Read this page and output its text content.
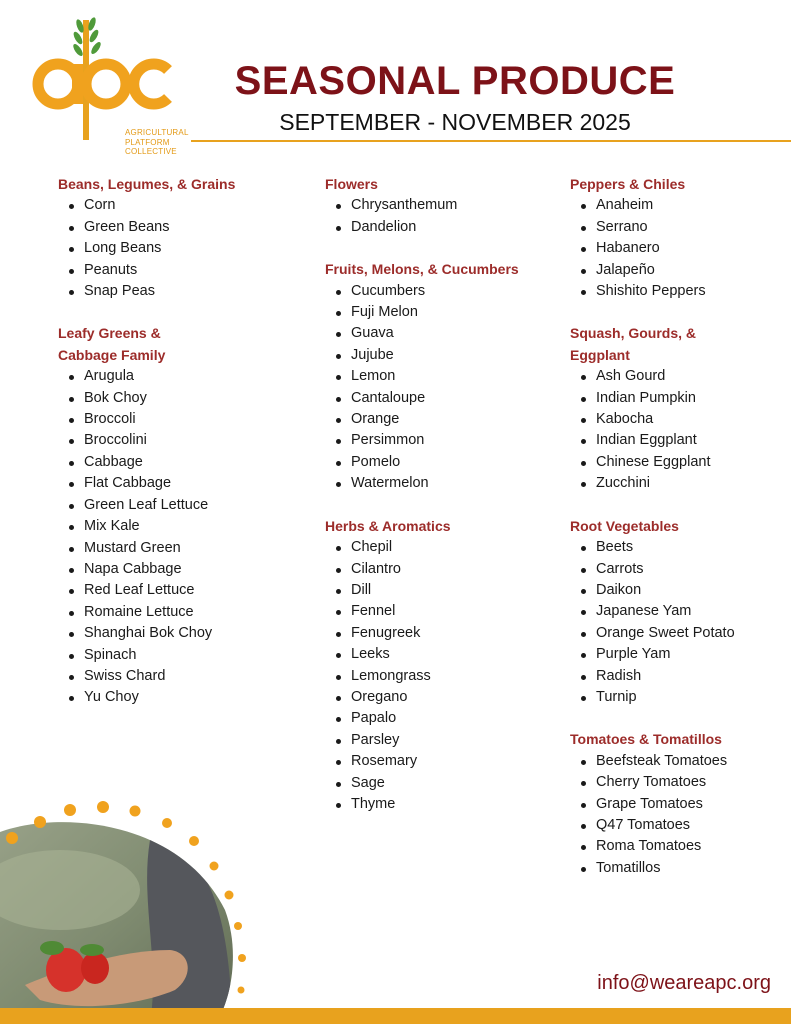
AGRICULTURAL
PLATFORM
COLLECTIVE
SEASONAL PRODUCE
SEPTEMBER - NOVEMBER 2025
Beans, Legumes, & Grains
Corn
Green Beans
Long Beans
Peanuts
Snap Peas
Leafy Greens & Cabbage Family
Arugula
Bok Choy
Broccoli
Broccolini
Cabbage
Flat Cabbage
Green Leaf Lettuce
Mix Kale
Mustard Green
Napa Cabbage
Red Leaf Lettuce
Romaine Lettuce
Shanghai Bok Choy
Spinach
Swiss Chard
Yu Choy
Flowers
Chrysanthemum
Dandelion
Fruits, Melons, & Cucumbers
Cucumbers
Fuji Melon
Guava
Jujube
Lemon
Cantaloupe
Orange
Persimmon
Pomelo
Watermelon
Herbs & Aromatics
Chepil
Cilantro
Dill
Fennel
Fenugreek
Leeks
Lemongrass
Oregano
Papalo
Parsley
Rosemary
Sage
Thyme
Peppers & Chiles
Anaheim
Serrano
Habanero
Jalapeño
Shishito Peppers
Squash, Gourds, & Eggplant
Ash Gourd
Indian Pumpkin
Kabocha
Indian Eggplant
Chinese Eggplant
Zucchini
Root Vegetables
Beets
Carrots
Daikon
Japanese Yam
Orange Sweet Potato
Purple Yam
Radish
Turnip
Tomatoes & Tomatillos
Beefsteak Tomatoes
Cherry Tomatoes
Grape Tomatoes
Q47 Tomatoes
Roma Tomatoes
Tomatillos
info@weareapc.org
